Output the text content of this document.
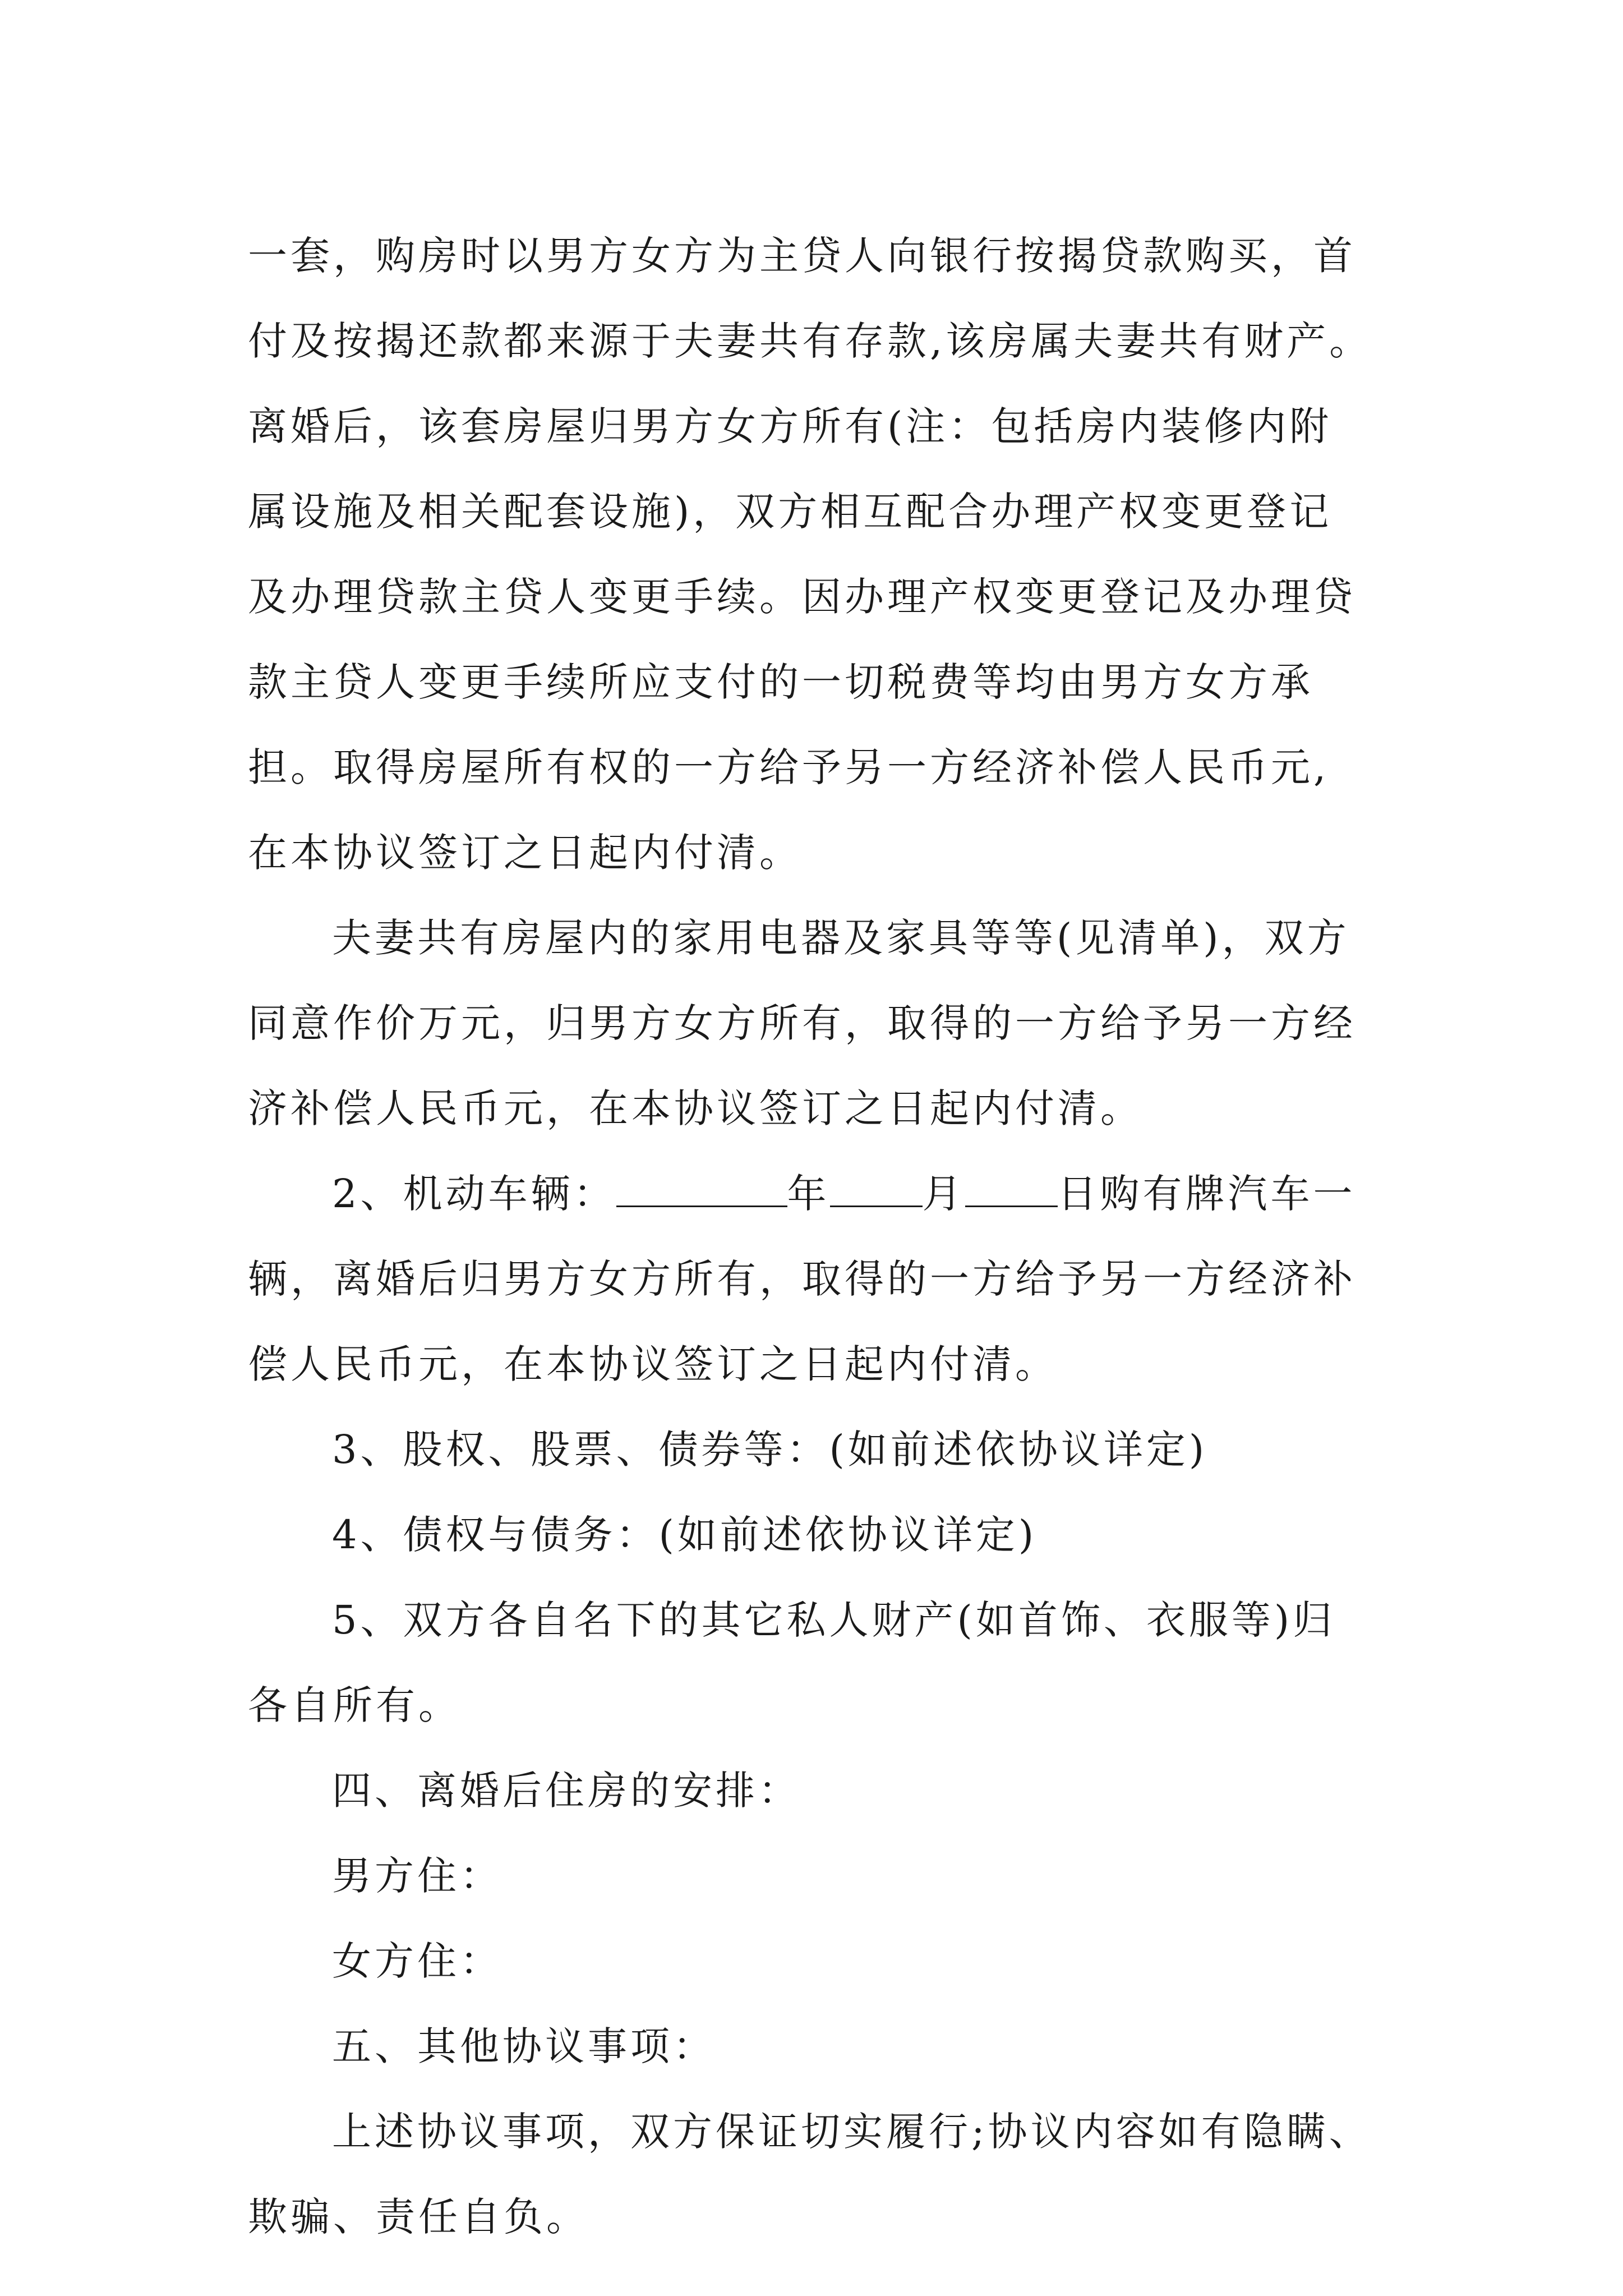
一套，购房时以男方女方为主贷人向银行按揭贷款购买，首
付及按揭还款都来源于夫妻共有存款,该房属夫妻共有财产。
离婚后，该套房屋归男方女方所有(注：包括房内装修内附
属设施及相关配套设施)，双方相互配合办理产权变更登记
及办理贷款主贷人变更手续。因办理产权变更登记及办理贷
款主贷人变更手续所应支付的一切税费等均由男方女方承
担。取得房屋所有权的一方给予另一方经济补偿人民币元,
在本协议签订之日起内付清。
夫妻共有房屋内的家用电器及家具等等(见清单)，双方
同意作价万元，归男方女方所有，取得的一方给予另一方经
济补偿人民币元，在本协议签订之日起内付清。
2、机动车辆：	年 月 日购有牌汽车一
辆，离婚后归男方女方所有，取得的一方给予另一方经济补
偿人民币元，在本协议签订之日起内付清。
3、股权、股票、债券等：(如前述依协议详定)
4、债权与债务：(如前述依协议详定)
5、双方各自名下的其它私人财产(如首饰、衣服等)归
各自所有。
四、离婚后住房的安排：
男方住：
女方住：
五、其他协议事项：
上述协议事项，双方保证切实履行;协议内容如有隐瞒、
欺骗、责任自负。
